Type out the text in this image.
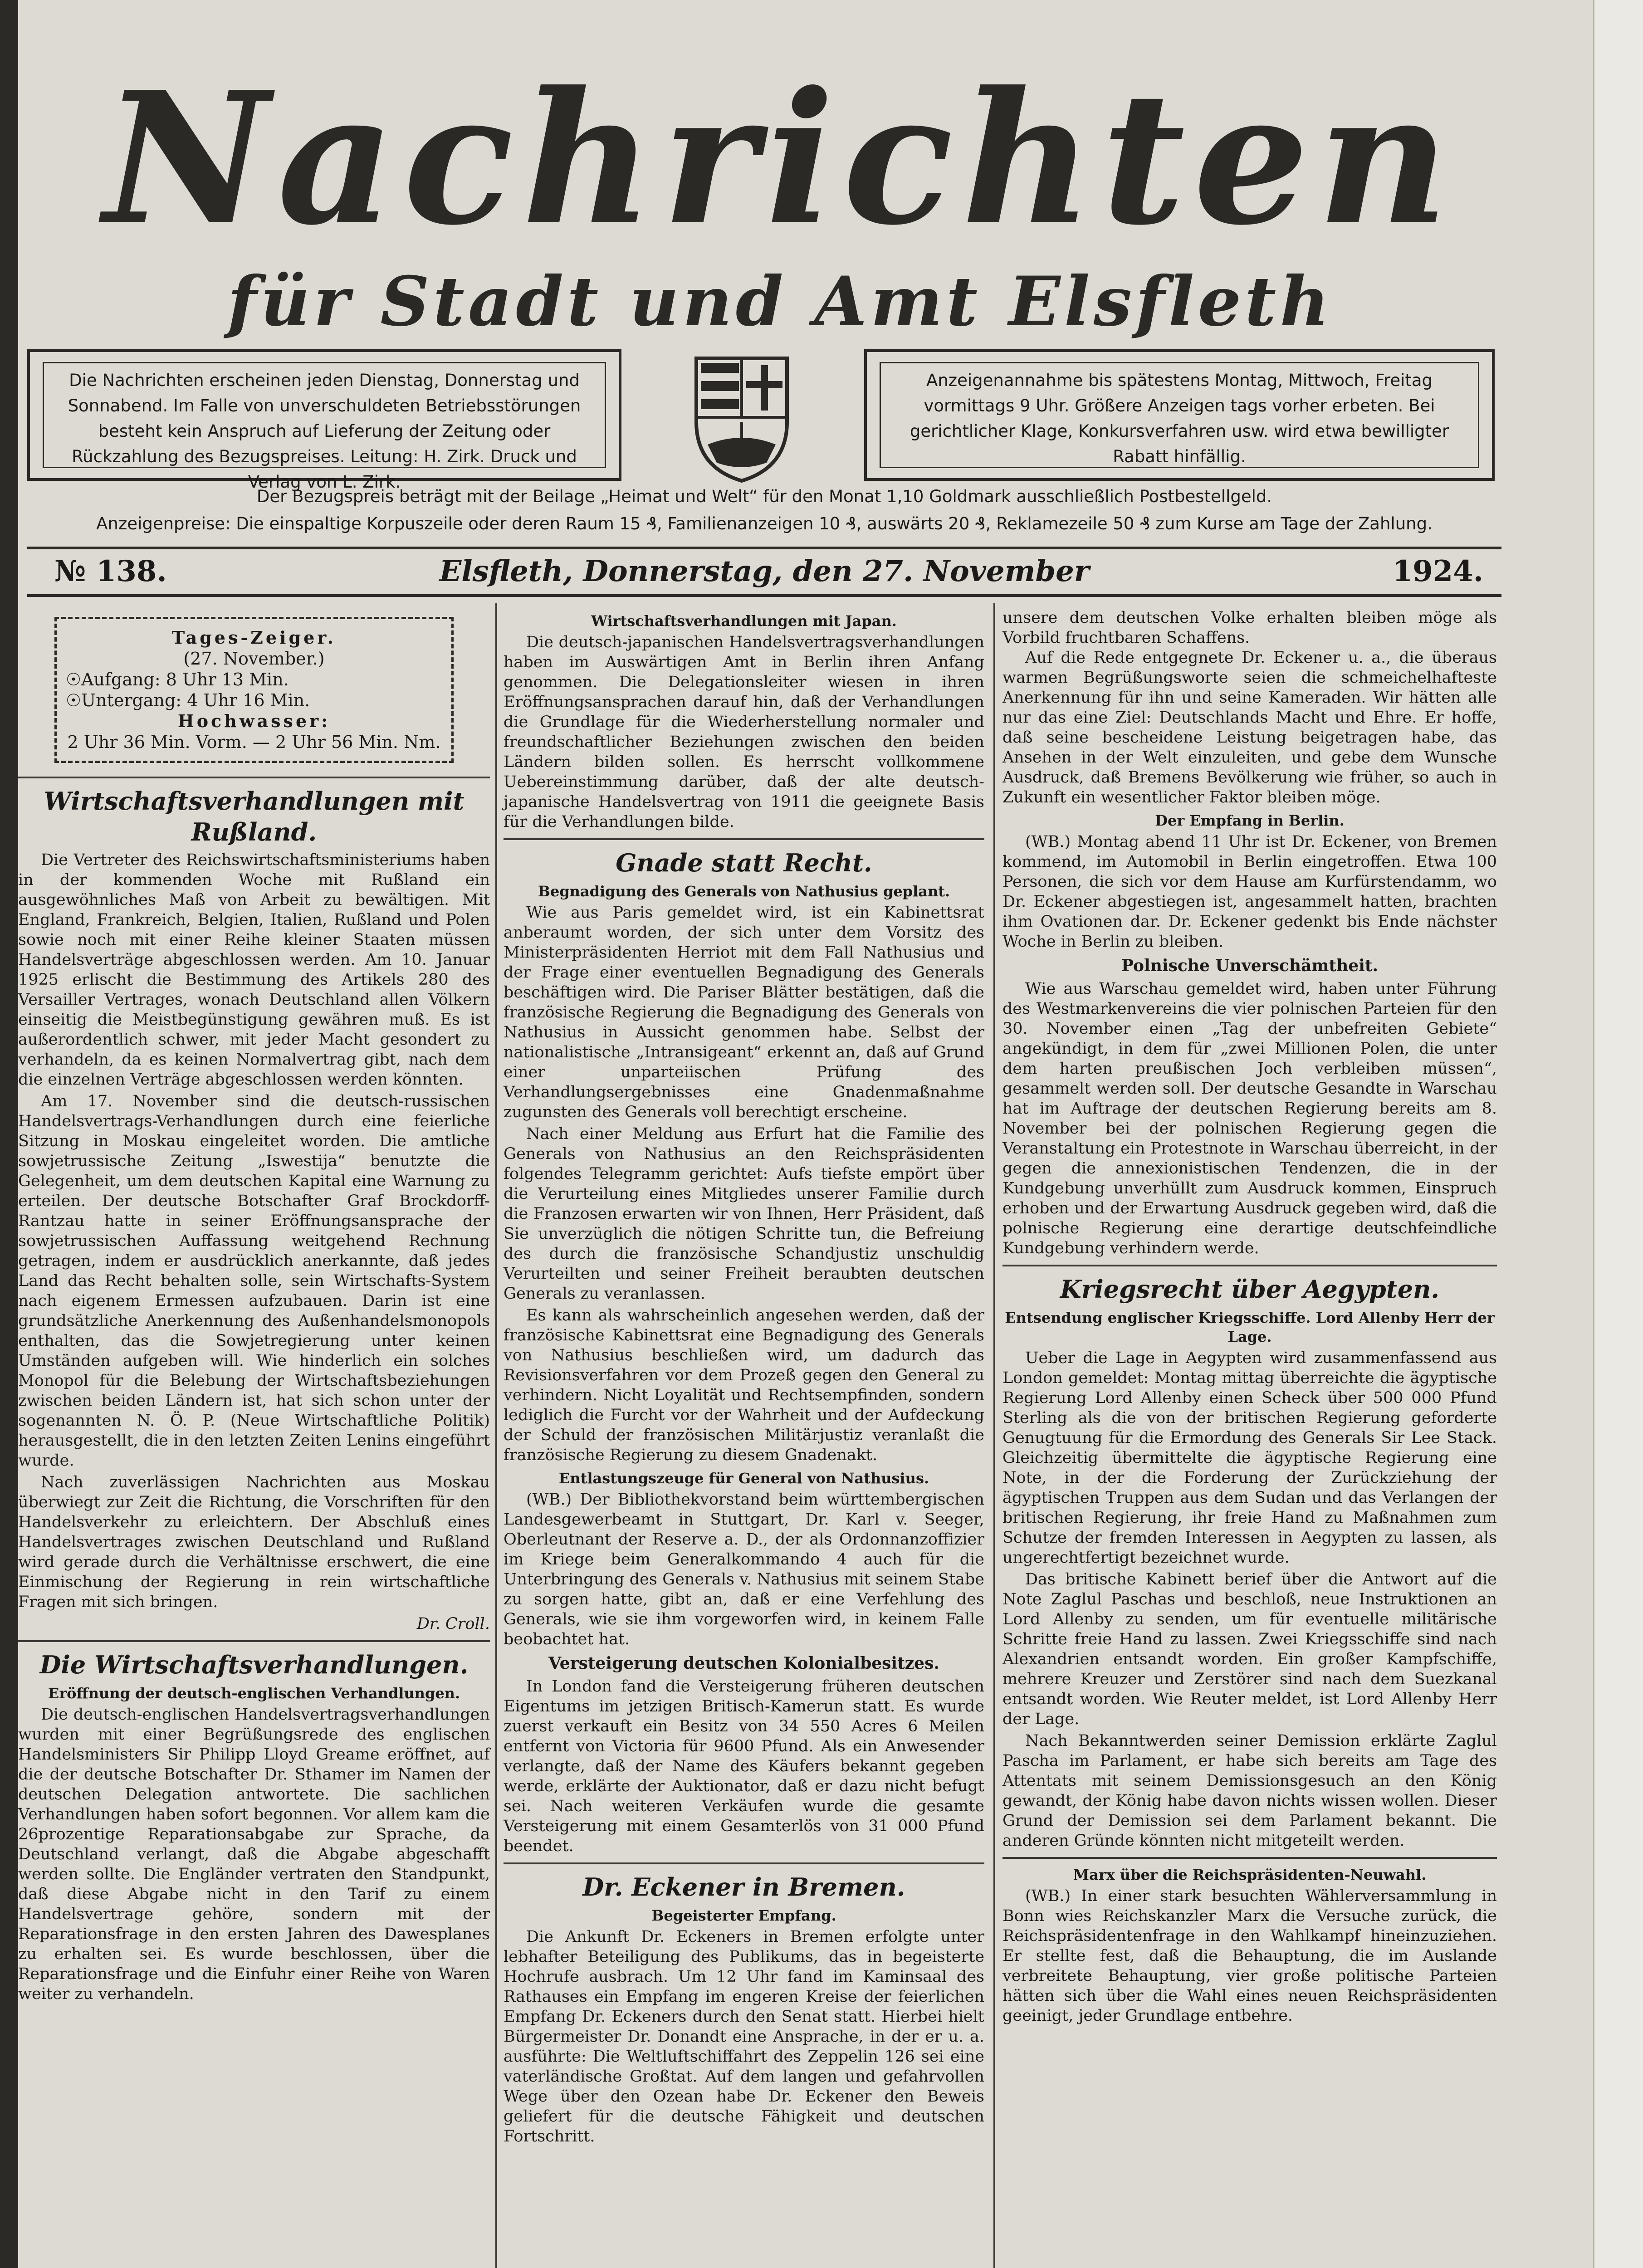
Nachrichten
für Stadt und Amt Elsfleth
Die Nachrichten erscheinen jeden Dienstag, Donnerstag und Sonnabend. Im Falle von unverschuldeten Betriebsstörungen besteht kein Anspruch auf Lieferung der Zeitung oder Rückzahlung des Bezugspreises. Leitung: H. Zirk. Druck und Verlag von L. Zirk.
Anzeigenannahme bis spätestens Montag, Mittwoch, Freitag vormittags 9 Uhr. Größere Anzeigen tags vorher erbeten. Bei gerichtlicher Klage, Konkursverfahren usw. wird etwa bewilligter Rabatt hinfällig.
Der Bezugspreis beträgt mit der Beilage „Heimat und Welt“ für den Monat 1,10 Goldmark ausschließlich Postbestellgeld.
Anzeigenpreise: Die einspaltige Korpuszeile oder deren Raum 15 ₰, Familienanzeigen 10 ₰, auswärts 20 ₰, Reklamezeile 50 ₰ zum Kurse am Tage der Zahlung.
№ 138.	Elsfleth, Donnerstag, den 27. November	1924.
Tages-Zeiger.
(27. November.)
☉Aufgang: 8 Uhr 13 Min.
☉Untergang: 4 Uhr 16 Min.
Hochwasser:
2 Uhr 36 Min. Vorm. — 2 Uhr 56 Min. Nm.
Wirtschaftsverhandlungen mit Rußland.

Die Vertreter des Reichswirtschaftsministeriums haben in der kommenden Woche mit Rußland ein ausgewöhnliches Maß von Arbeit zu bewältigen. Mit England, Frankreich, Belgien, Italien, Rußland und Polen sowie noch mit einer Reihe kleiner Staaten müssen Handelsverträge abgeschlossen werden. Am 10. Januar 1925 erlischt die Bestimmung des Artikels 280 des Versailler Vertrages, wonach Deutschland allen Völkern einseitig die Meistbegünstigung gewähren muß. Es ist außerordentlich schwer, mit jeder Macht gesondert zu verhandeln, da es keinen Normalvertrag gibt, nach dem die einzelnen Verträge abgeschlossen werden könnten.

Am 17. November sind die deutsch-russischen Handelsvertrags-Verhandlungen durch eine feierliche Sitzung in Moskau eingeleitet worden. Die amtliche sowjetrussische Zeitung „Iswestija“ benutzte die Gelegenheit, um dem deutschen Kapital eine Warnung zu erteilen. Der deutsche Botschafter Graf Brockdorff-Rantzau hatte in seiner Eröffnungsansprache der sowjetrussischen Auffassung weitgehend Rechnung getragen, indem er ausdrücklich anerkannte, daß jedes Land das Recht behalten solle, sein Wirtschafts-System nach eigenem Ermessen aufzubauen. Darin ist eine grundsätzliche Anerkennung des Außenhandelsmonopols enthalten, das die Sowjetregierung unter keinen Umständen aufgeben will. Wie hinderlich ein solches Monopol für die Belebung der Wirtschaftsbeziehungen zwischen beiden Ländern ist, hat sich schon unter der sogenannten N. Ö. P. (Neue Wirtschaftliche Politik) herausgestellt, die in den letzten Zeiten Lenins eingeführt wurde.

Nach zuverlässigen Nachrichten aus Moskau überwiegt zur Zeit die Richtung, die Vorschriften für den Handelsverkehr zu erleichtern. Der Abschluß eines Handelsvertrages zwischen Deutschland und Rußland wird gerade durch die Verhältnisse erschwert, die eine Einmischung der Regierung in rein wirtschaftliche Fragen mit sich bringen.

Dr. Croll.
Die Wirtschaftsverhandlungen.
Eröffnung der deutsch-englischen Verhandlungen.

Die deutsch-englischen Handelsvertragsverhandlungen wurden mit einer Begrüßungsrede des englischen Handelsministers Sir Philipp Lloyd Greame eröffnet, auf die der deutsche Botschafter Dr. Sthamer im Namen der deutschen Delegation antwortete. Die sachlichen Verhandlungen haben sofort begonnen. Vor allem kam die 26prozentige Reparationsabgabe zur Sprache, da Deutschland verlangt, daß die Abgabe abgeschafft werden sollte. Die Engländer vertraten den Standpunkt, daß diese Abgabe nicht in den Tarif zu einem Handelsvertrage gehöre, sondern mit der Reparationsfrage in den ersten Jahren des Dawesplanes zu erhalten sei. Es wurde beschlossen, über die Reparationsfrage und die Einfuhr einer Reihe von Waren weiter zu verhandeln.

Wirtschaftsverhandlungen mit Japan.

Die deutsch-japanischen Handelsvertragsverhandlungen haben im Auswärtigen Amt in Berlin ihren Anfang genommen. Die Delegationsleiter wiesen in ihren Eröffnungsansprachen darauf hin, daß der Verhandlungen die Grundlage für die Wiederherstellung normaler und freundschaftlicher Beziehungen zwischen den beiden Ländern bilden sollen. Es herrscht vollkommene Uebereinstimmung darüber, daß der alte deutsch-japanische Handelsvertrag von 1911 die geeignete Basis für die Verhandlungen bilde.

Gnade statt Recht.
Begnadigung des Generals von Nathusius geplant.

Wie aus Paris gemeldet wird, ist ein Kabinettsrat anberaumt worden, der sich unter dem Vorsitz des Ministerpräsidenten Herriot mit dem Fall Nathusius und der Frage einer eventuellen Begnadigung des Generals beschäftigen wird. Die Pariser Blätter bestätigen, daß die französische Regierung die Begnadigung des Generals von Nathusius in Aussicht genommen habe. Selbst der nationalistische „Intransigeant“ erkennt an, daß auf Grund einer unparteiischen Prüfung des Verhandlungsergebnisses eine Gnadenmaßnahme zugunsten des Generals voll berechtigt erscheine.

Nach einer Meldung aus Erfurt hat die Familie des Generals von Nathusius an den Reichspräsidenten folgendes Telegramm gerichtet: Aufs tiefste empört über die Verurteilung eines Mitgliedes unserer Familie durch die Franzosen erwarten wir von Ihnen, Herr Präsident, daß Sie unverzüglich die nötigen Schritte tun, die Befreiung des durch die französische Schandjustiz unschuldig Verurteilten und seiner Freiheit beraubten deutschen Generals zu veranlassen.

Es kann als wahrscheinlich angesehen werden, daß der französische Kabinettsrat eine Begnadigung des Generals von Nathusius beschließen wird, um dadurch das Revisionsverfahren vor dem Prozeß gegen den General zu verhindern. Nicht Loyalität und Rechtsempfinden, sondern lediglich die Furcht vor der Wahrheit und der Aufdeckung der Schuld der französischen Militärjustiz veranlaßt die französische Regierung zu diesem Gnadenakt.

Entlastungszeuge für General von Nathusius.

(WB.) Der Bibliothekvorstand beim württembergischen Landesgewerbeamt in Stuttgart, Dr. Karl v. Seeger, Oberleutnant der Reserve a. D., der als Ordonnanzoffizier im Kriege beim Generalkommando 4 auch für die Unterbringung des Generals v. Nathusius mit seinem Stabe zu sorgen hatte, gibt an, daß er eine Verfehlung des Generals, wie sie ihm vorgeworfen wird, in keinem Falle beobachtet hat.

Versteigerung deutschen Kolonialbesitzes.

In London fand die Versteigerung früheren deutschen Eigentums im jetzigen Britisch-Kamerun statt. Es wurde zuerst verkauft ein Besitz von 34 550 Acres 6 Meilen entfernt von Victoria für 9600 Pfund. Als ein Anwesender verlangte, daß der Name des Käufers bekannt gegeben werde, erklärte der Auktionator, daß er dazu nicht befugt sei. Nach weiteren Verkäufen wurde die gesamte Versteigerung mit einem Gesamterlös von 31 000 Pfund beendet.

Dr. Eckener in Bremen.
Begeisterter Empfang.

Die Ankunft Dr. Eckeners in Bremen erfolgte unter lebhafter Beteiligung des Publikums, das in begeisterte Hochrufe ausbrach. Um 12 Uhr fand im Kaminsaal des Rathauses ein Empfang im engeren Kreise der feierlichen Empfang Dr. Eckeners durch den Senat statt. Hierbei hielt Bürgermeister Dr. Donandt eine Ansprache, in der er u. a. ausführte: Die Weltluftschiffahrt des Zeppelin 126 sei eine vaterländische Großtat. Auf dem langen und gefahrvollen Wege über den Ozean habe Dr. Eckener den Beweis geliefert für die deutsche Fähigkeit und deutschen Fortschritt.

unsere dem deutschen Volke erhalten bleiben möge als Vorbild fruchtbaren Schaffens.

Auf die Rede entgegnete Dr. Eckener u. a., die überaus warmen Begrüßungsworte seien die schmeichelhafteste Anerkennung für ihn und seine Kameraden. Wir hätten alle nur das eine Ziel: Deutschlands Macht und Ehre. Er hoffe, daß seine bescheidene Leistung beigetragen habe, das Ansehen in der Welt einzuleiten, und gebe dem Wunsche Ausdruck, daß Bremens Bevölkerung wie früher, so auch in Zukunft ein wesentlicher Faktor bleiben möge.

Der Empfang in Berlin.

(WB.) Montag abend 11 Uhr ist Dr. Eckener, von Bremen kommend, im Automobil in Berlin eingetroffen. Etwa 100 Personen, die sich vor dem Hause am Kurfürstendamm, wo Dr. Eckener abgestiegen ist, angesammelt hatten, brachten ihm Ovationen dar. Dr. Eckener gedenkt bis Ende nächster Woche in Berlin zu bleiben.

Polnische Unverschämtheit.

Wie aus Warschau gemeldet wird, haben unter Führung des Westmarkenvereins die vier polnischen Parteien für den 30. November einen „Tag der unbefreiten Gebiete“ angekündigt, in dem für „zwei Millionen Polen, die unter dem harten preußischen Joch verbleiben müssen“, gesammelt werden soll. Der deutsche Gesandte in Warschau hat im Auftrage der deutschen Regierung bereits am 8. November bei der polnischen Regierung gegen die Veranstaltung ein Protestnote in Warschau überreicht, in der gegen die annexionistischen Tendenzen, die in der Kundgebung unverhüllt zum Ausdruck kommen, Einspruch erhoben und der Erwartung Ausdruck gegeben wird, daß die polnische Regierung eine derartige deutschfeindliche Kundgebung verhindern werde.

Kriegsrecht über Aegypten.
Entsendung englischer Kriegsschiffe. Lord Allenby Herr der Lage.

Ueber die Lage in Aegypten wird zusammenfassend aus London gemeldet: Montag mittag überreichte die ägyptische Regierung Lord Allenby einen Scheck über 500 000 Pfund Sterling als die von der britischen Regierung geforderte Genugtuung für die Ermordung des Generals Sir Lee Stack. Gleichzeitig übermittelte die ägyptische Regierung eine Note, in der die Forderung der Zurückziehung der ägyptischen Truppen aus dem Sudan und das Verlangen der britischen Regierung, ihr freie Hand zu Maßnahmen zum Schutze der fremden Interessen in Aegypten zu lassen, als ungerechtfertigt bezeichnet wurde.

Das britische Kabinett berief über die Antwort auf die Note Zaglul Paschas und beschloß, neue Instruktionen an Lord Allenby zu senden, um für eventuelle militärische Schritte freie Hand zu lassen. Zwei Kriegsschiffe sind nach Alexandrien entsandt worden. Ein großer Kampfschiffe, mehrere Kreuzer und Zerstörer sind nach dem Suezkanal entsandt worden. Wie Reuter meldet, ist Lord Allenby Herr der Lage.

Nach Bekanntwerden seiner Demission erklärte Zaglul Pascha im Parlament, er habe sich bereits am Tage des Attentats mit seinem Demissionsgesuch an den König gewandt, der König habe davon nichts wissen wollen. Dieser Grund der Demission sei dem Parlament bekannt. Die anderen Gründe könnten nicht mitgeteilt werden.

Marx über die Reichspräsidenten-Neuwahl.

(WB.) In einer stark besuchten Wählerversammlung in Bonn wies Reichskanzler Marx die Versuche zurück, die Reichspräsidentenfrage in den Wahlkampf hineinzuziehen. Er stellte fest, daß die Behauptung, die im Auslande verbreitete Behauptung, vier große politische Parteien hätten sich über die Wahl eines neuen Reichspräsidenten geeinigt, jeder Grundlage entbehre.
